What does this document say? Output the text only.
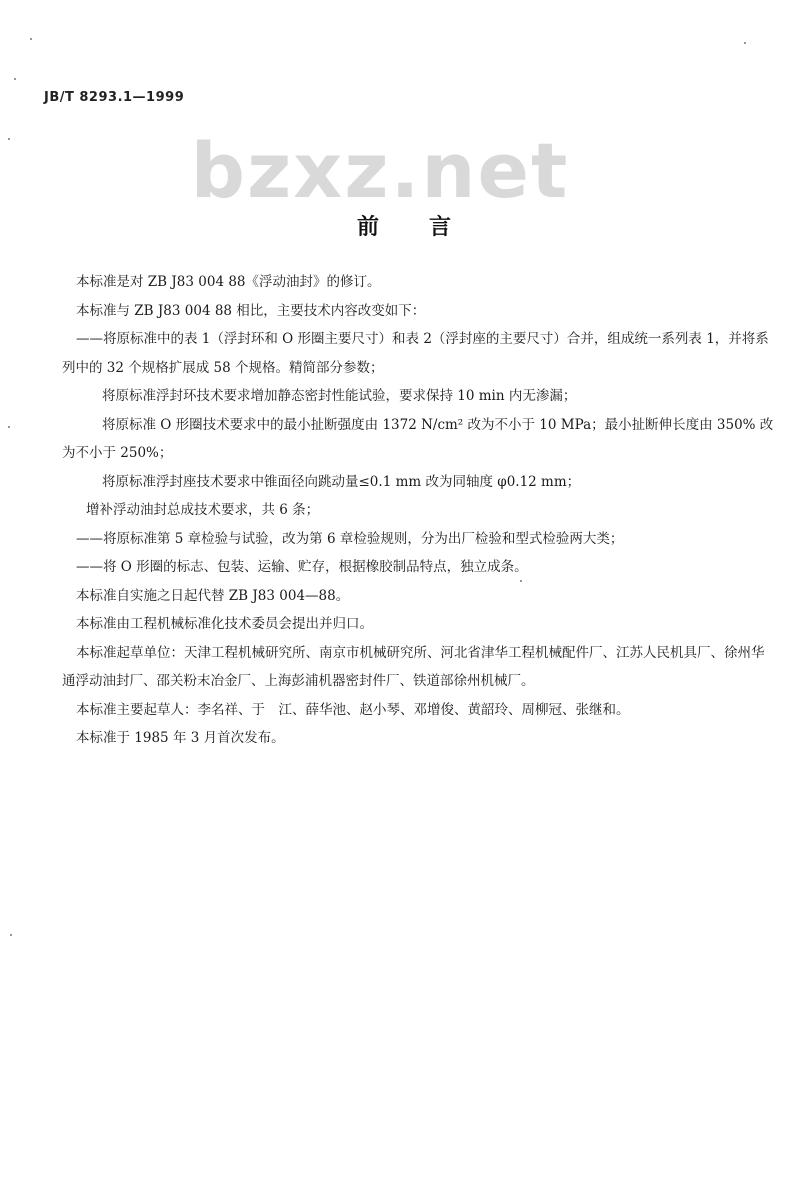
JB/T 8293.1—1999
bzxz.net
前　　言

本标准是对 ZB J83 004 88《浮动油封》的修订。

本标准与 ZB J83 004 88 相比，主要技术内容改变如下：

——将原标准中的表 1（浮封环和 O 形圈主要尺寸）和表 2（浮封座的主要尺寸）合并，组成统一系列表 1，并将系列中的 32 个规格扩展成 58 个规格。精简部分参数；

将原标准浮封环技术要求增加静态密封性能试验，要求保持 10 min 内无渗漏；

将原标准 O 形圈技术要求中的最小扯断强度由 1372 N/cm² 改为不小于 10 MPa；最小扯断伸长度由 350% 改为不小于 250%；

将原标准浮封座技术要求中锥面径向跳动量≤0.1 mm 改为同轴度 φ0.12 mm；

增补浮动油封总成技术要求，共 6 条；

——将原标准第 5 章检验与试验，改为第 6 章检验规则，分为出厂检验和型式检验两大类；

——将 O 形圈的标志、包装、运输、贮存，根据橡胶制品特点，独立成条。

本标准自实施之日起代替 ZB J83 004—88。

本标准由工程机械标准化技术委员会提出并归口。

本标准起草单位：天津工程机械研究所、南京市机械研究所、河北省津华工程机械配件厂、江苏人民机具厂、徐州华通浮动油封厂、邵关粉末冶金厂、上海彭浦机器密封件厂、铁道部徐州机械厂。

本标准主要起草人：李名祥、于　江、薛华池、赵小琴、邓增俊、黄韶玲、周柳冠、张继和。

本标准于 1985 年 3 月首次发布。
